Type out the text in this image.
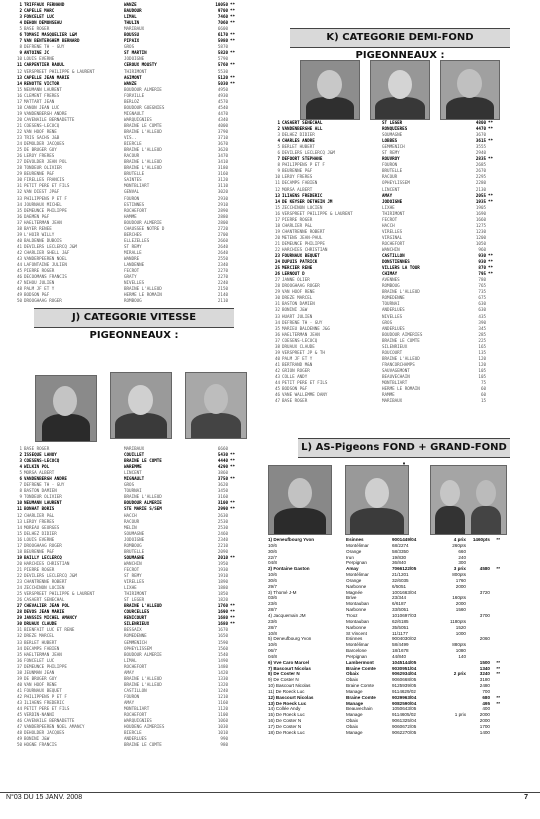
1 TRIFFAUX FERNAND	WANZE	10050 **
2 CAPELLE MARC	BAUDOUR	9700 **
3 FONCELET LUC	LIMAL	7460 **
4 DEHON DEMONSEAU	THULIN	7060 **
5 BASE ROGER	MARIBAUX	6600
6 TOMASI MASQUELIER L&M	BOUSSU	6170 **
7 VAN BENTERGHEM BERNARD	PIPAIX	5980 **
8 DEFRENE TH - GUY	GROS	5870
9 ANTOINE JC	ST MARTIN	5820 **
10 LOUIS EVERNE	JODOIGNE	5790
11 CARPENTIER RAOUL	CEROUX MOUSTY	5760 **
12 VERSPREET PHILIPPE & LAURENT	THIRIMONT	5530
13 CAPELLE JEAN MARIE	AGIMONT	5120 **
14 RENOTTE VICTOR	WANZE	5030 **
15 NEUMANN LAURENT	BOUDOUR ALMERIE	4950
16 CLEMENT FRERES	FORVILLE	4930
17 MATTART JEAN	BERLOZ	4570
18 CANON JEAN LUC	BOUDOUR GOEGNIES	4540
19 VANDENBERGH ANDRE	MIGNAULT	4470
20 CAVENAILE BERNADETTE	WARQUIGNIES	4340
21 COESENS-LECOCQ	BRAINE LE COMTE	4000
22 VAN HOOF RENE	BRAINE L'ALLEUD	3790
23 TRIS SACHS J&B	VIS..	3710
24 DEMOLDER JACQUES	BIERCLE	3670
25 DE BRUGER GUY	BRAINE L'ALLEUD	3620
26 LEROY FRERES	RACOUR	3470
27 DEVOLDER JEAN POL	BRAINE L'ALLEUD	3410
28 TONDEUR OLIVIER	BRAINE L'ALLEUD	3180
29 BEURENNE P&F	BRUTELLE	3160
30 FIRELLES FRANCIS	SAINTES	3120
31 PETIT PERE ET FILS	MONTBLIART	3110
32 VAN DIEST JP&F	GENVAL	3020
33 PHILIPPENS P ET F	FOURON	2930
34 JOURNAUX MICHEL	ESTINNES	2910
35 DEMEUNCE PHILIPPE	ROCHEFORT	2890
36 DAEMEN P&F	HAMME	2880
37 HAELTERMAN JEAN	BOUDOUR ALMERIE	2800
38 BAYER RENEE	CHAUSSEE NOTRE D	2720
39 L'HOIR WILLY	BERCHES	2700
40 BALDENNE DUBOIS	ELLEZELLES	2660
41 DEVILERS LECLERCQ J&M	ST REMY	2640
42 CHARLIER SHELL J&F	MIRALLE	2640
43 VANDERPEEREN NOEL	WANDRE	2550
44 LAFONTAINE JULIEN	LANDENNE	2340
45 PIERRE ROGER	FECROT	2270
46 DECOOMANS FRANCIS	GRATY	2270
47 NIHOU JULIEN	NIVELLES	2240
48 PALM JF ET Y	BRAINE L'ALLEUD	2150
49 BODSON P&F	HERME LE ROMAIN	2140
50 DROOGHAAG ROGER	ROMBOUG	2110
J) CATEGORIE VITESSE PIGEONNEAUX :
1 BASE ROGER	MARIBAUX	6660
2 ISSEQUE LANOY	COUILLET	5430 **
3 COESENS-LECOCQ	BRAINE LE COMTE	4440 **
4 WILKIN POL	WAREMME	4290 **
5 MORSA ALBERT	LINCENT	3860
6 VANDENBERGH ANDRE	MIGNAULT	3750 **
7 DEFRENE TH - GUY	GROS	3620
8 BASTON DAMIEN	TOURNAI	3450
9 TONDEUR OLIVIER	BRAINE L'ALLEUD	3160
10 NEUMANN LAURENT	BOUDOUR ALMERIE	3100 **
11 BONHAT BORIS	STE MARIE S/SEM	2990 **
12 CHARLIER P&L	HACCH	2630
13 LEROY FRERES	RACOUR	2530
14 MOREAU GEORGES	MELIN	2530
15 DELHEZ DIDIER	SOUMAGNE	2460
16 LOUIS EVERNE	JODOIGNE	2340
17 DROOGHAAG ROGER	ROMBOUG	2210
18 BEURENNE P&F	BRUTELLE	2090
19 BAILLY LECLERCQ	SOUMAGNE	2010 **
20 HARCHIES CHRISTIAN	WANCHIN	1950
21 PIERRE ROGER	FECROT	1930
22 DEVILERS LECLERCQ J&M	ST REMY	1910
23 CHANTRENNE ROBERT	VIRELLES	1890
24 ZECCHINON LUCIEN	LIXHE	1880
25 VERSPREET PHILIPPE & LAURENT	THIRIMONT	1850
26 CASAERT SENECHAL	ST LEGER	1820
27 CHEVALIER JEAN POL	BRAINE L'ALLEUD	1760 **
28 DEVOS JEAN MARIE	COURCELLES	1690 **
29 JANSSIS MICHEL AMANCY	RENICOURT	1680 **
30 DRUAUX CLAUDE	SILENRIEUX	1680 **
31 BIENFAIT LUC ET RENE	BESSAIX	1670
32 DREZE MARCEL	ROMEDENNE	1650
33 BERLET HUBERT	GEMMENICH	1590
34 DECAMPS FABIEN	OPHEYLISSEM	1560
35 HAELTERMAN JEAN	BOUDOUR ALMERIE	1540
36 FONCELET LUC	LIMAL	1490
37 DEMEUNCE PHILIPPE	ROCHEFORT	1480
38 JEUNMAN JEAN	AMAY	1420
39 DE BRUGER GUY	BRAINE L'ALLEUD	1330
40 VAN HOOF RENE	BRAINE L'ALLEUD	1320
41 FOURNAUX BEQUET	CASTILLON	1240
42 PHILIPPENS P ET F	FOURON	1210
43 ILIAENS FREDERIC	AMAY	1160
44 PETIT PERE ET FILS	MONTBLIART	1120
45 VERDIN-NANNI	ROCHEFORT	1100
46 CAVENAILE BERNADETTE	WARQUIGNIES	1060
47 VANDERPEEREN NOEL AMANCY	HOUDENG AIMERIES	1030
48 DEHOLDER JACQUES	BIERCLE	1010
49 BONINI J&W	ANDERLUES	990
50 HOGNE FRANCIS	BRAINE LE COMTE	980
K) CATEGORIE DEMI-FOND PIGEONNEAUX :
1 CASAERT SENECHAL	ST LEGER	4800 **
2 VANDENBERGHE ALL	RONQUIERES	4470 **
3 DELHEZ DIDIER	SOUMAGNE	3670
4 CHARLES ANDRE	LOBBES	3615 **
5 BERLET HUBERT	GEMMENICH	3555
6 DEVILERS LECLERCQ J&M	ST REMY	2940
7 DEFOORT STEPHANE	ROUVROY	2835 **
8 PHILIPPENS P ET F	FOURON	2685
9 BEURENNE P&F	BRUTELLE	2670
10 LEROY FRERES	RACOUR	2295
11 DECAMPS FABIEN	OPHEYLISSEM	2280
12 MORSA ALBERT	LINCENT	2130
13 ILIAENS FREDERIC	AMAY	2055 **
14 DE KEYSER DETHEIN JM	JODOIGNE	1935 **
15 ZECCHINON LUCIEN	LIXHE	1905
16 VERSPREET PHILIPPE & LAURENT	THIRIMONT	1690
17 PIERRE ROGER	FECROT	1660
18 CHARLIER P&L	HACCH	1275
19 CHANTRENNE ROBERT	VIRELLES	1230
20 METENS JEAN-PAUL	VIRGINAL	1200
21 DEMEUNCE PHILIPPE	ROCHEFORT	1050
22 HARCHIES CHRISTIAN	WANCHIN	960
23 FOURNAUX BEQUET	CASTILLON	930 **
24 DUPUIS PATRICK	DONSTIENNES	930 **
25 MERCIER RENE	VILLERS LA TOUR	870 **
26 LERNOUT D	CHIMAY	795 **
27 JANNE OLIER	AVENNES	780
28 DROOGHAAG ROGER	ROMBOUG	765
29 VAN HOOF RENE	BRAINE L'ALLEUD	735
30 DREZE MARCEL	ROMEDENNE	675
31 BASTON DAMIEN	TOURNAI	630
32 BONINI J&W	ANDERLUES	630
33 HUART JULIEN	NIVELLES	435
34 DEFRENE TH - GUY	GROS	390
35 MARIEU BALDENNE J&G	ANDERLUES	345
36 HAELTERMAN JEAN	BOUDOUR AIMERIES	285
37 COESENS-LECOCQ	BRAINE LE COMTE	225
38 DRUAUX CLAUDE	SILENRIEUX	165
39 VERSPREET JP & TH	ROUCOURT	135
40 PALM JF ET Y	BRAINE L'ALLEUD	120
41 BERTRAND M&N	FRANCORCHAMPS	120
42 GRION ROGER	SAUVAGEMONT	105
43 COLLE ANDY	BEAUVECHAIN	105
44 PETIT PERE ET FILS	MONTBLIART	75
45 BODSON P&F	HERME LE ROMAIN	60
46 VANE WALLEMME DANY	RAMME	60
47 BASE ROGER	MARIBAUX	15
L) AS-Pigeons FOND + GRAND-FOND
1) Deneufbourg Yvon	Esinnes	9001449/04	4 prix	1460pts	**
10/6	Montélimar	68/2274	260pts
30/6	Orange	58/3350	660
22/7	Irun	19/830	240
04/8	Perpignan	36/840	300
2) Fontaine Gaston	Amay	7066122/05	3 prix	4580	**
10/6	Montélimar	21/1201	800pts
30/6	Orange	32/6035	1760
29/7	Narbonne	6/5051	2000
3) Thomé J-M	Magnée	1001663/04	3720
03/6	Brive	23/344	160pts
23/6	Montauban	6/6187	2000
28/7	Narbonne	33/5051	1560
4) Jacquemain JM	Trooz	1010697/03	3700
23/6	Montauban	62/6185	1180pts
28/7	Narbonne	35/5051	1520
10/8	St Vincent	11/1177	1000
5) Deneufbourg Yvon	Esinnes	9004030/02	2060
10/6	Montélimar	58/4499	880pts
06/7	Barcelone	18/1678	1080
04/8	Perpignan	44/840	140
6) Vve Caro Marcel	Lambermont	1045144/05	1500	**
7) Bascourt Nicolas	Braine Comte	9030951/04	1340	**
8) De Coster N	Obaix	9062934/04	2 prix	3240	**
9) De Coster N	Obaix	9060668/05	3180
10) Bascourt Nicolas	Braine Comte	9125939/05	2480
11) De Roeck Luc	Manage	9114629/02	700
12) Bascourt Nicolas	Braine Comte	9029963/04	680	**
13) De Roeck Luc	Manage	9082590/04	495	**
14) Collée Andy	Beauvechain	1050643/05	400
15) De Roeck Luc	Manage	9114605/02	1 prix	2000
16) De Coster N	Obaix	9061325/04	2000
17) De Coster N	Obaix	9060672/05	1700
18) De Roeck Luc	Manage	9062270/05	1400
N°03 DU 15 JANV. 2008	7
